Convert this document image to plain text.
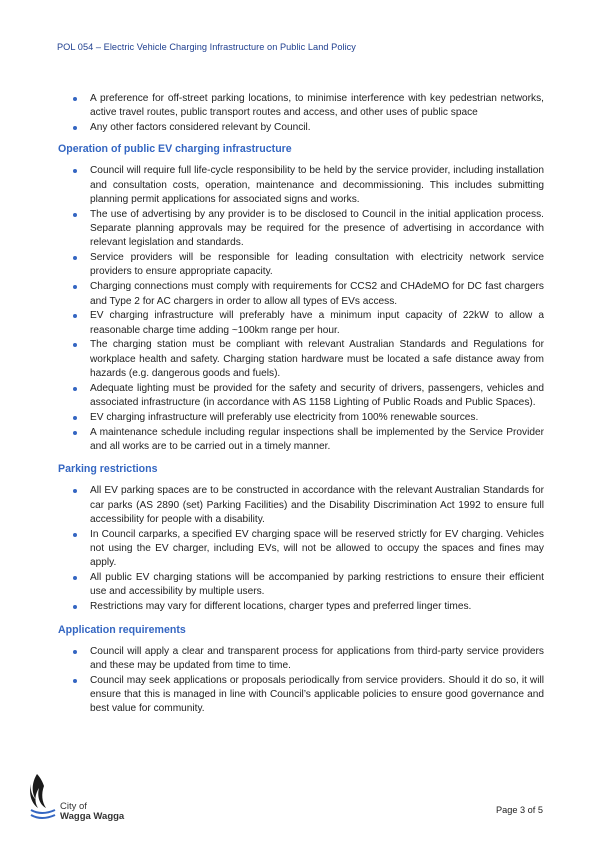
POL 054 – Electric Vehicle Charging Infrastructure on Public Land Policy
A preference for off-street parking locations, to minimise interference with key pedestrian networks, active travel routes, public transport routes and access, and other uses of public space
Any other factors considered relevant by Council.
Operation of public EV charging infrastructure
Council will require full life-cycle responsibility to be held by the service provider, including installation and consultation costs, operation, maintenance and decommissioning. This includes submitting planning permit applications for associated signs and works.
The use of advertising by any provider is to be disclosed to Council in the initial application process. Separate planning approvals may be required for the presence of advertising in accordance with relevant legislation and standards.
Service providers will be responsible for leading consultation with electricity network service providers to ensure appropriate capacity.
Charging connections must comply with requirements for CCS2 and CHAdeMO for DC fast chargers and Type 2 for AC chargers in order to allow all types of EVs access.
EV charging infrastructure will preferably have a minimum input capacity of 22kW to allow a reasonable charge time adding ~100km range per hour.
The charging station must be compliant with relevant Australian Standards and Regulations for workplace health and safety. Charging station hardware must be located a safe distance away from hazards (e.g. dangerous goods and fuels).
Adequate lighting must be provided for the safety and security of drivers, passengers, vehicles and associated infrastructure (in accordance with AS 1158 Lighting of Public Roads and Public Spaces).
EV charging infrastructure will preferably use electricity from 100% renewable sources.
A maintenance schedule including regular inspections shall be implemented by the Service Provider and all works are to be carried out in a timely manner.
Parking restrictions
All EV parking spaces are to be constructed in accordance with the relevant Australian Standards for car parks (AS 2890 (set) Parking Facilities) and the Disability Discrimination Act 1992 to ensure full accessibility for people with a disability.
In Council carparks, a specified EV charging space will be reserved strictly for EV charging. Vehicles not using the EV charger, including EVs, will not be allowed to occupy the spaces and fines may apply.
All public EV charging stations will be accompanied by parking restrictions to ensure their efficient use and accessibility by multiple users.
Restrictions may vary for different locations, charger types and preferred linger times.
Application requirements
Council will apply a clear and transparent process for applications from third-party service providers and these may be updated from time to time.
Council may seek applications or proposals periodically from service providers. Should it do so, it will ensure that this is managed in line with Council’s applicable policies to ensure good governance and best value for community.
City of
Wagga Wagga
Page 3 of 5
